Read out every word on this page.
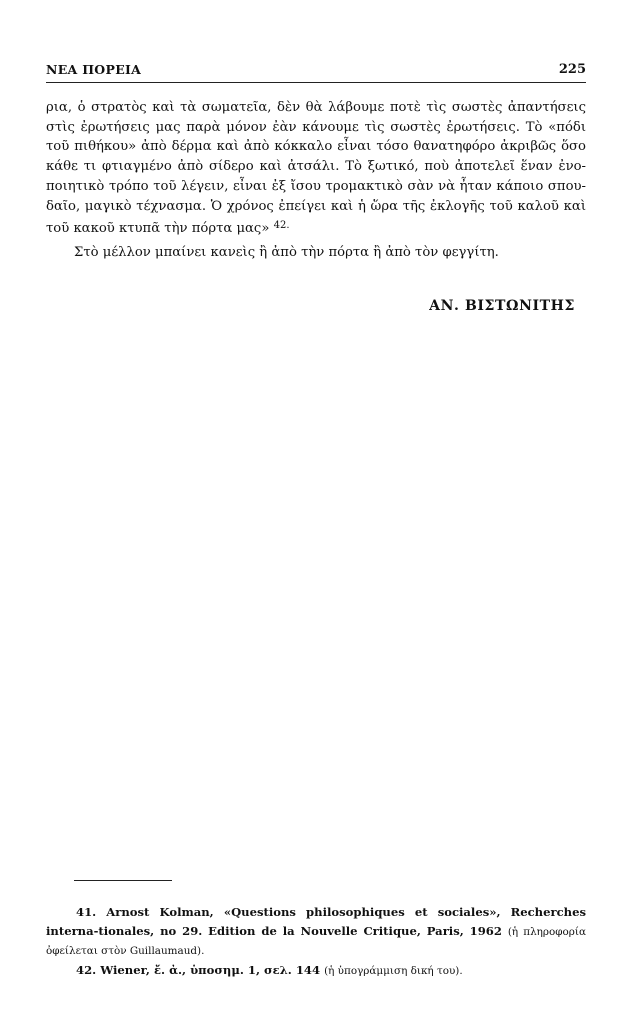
ΝΕΑ ΠΟΡΕΙΑ	225

ρια, ὁ στρατὸς καὶ τὰ σωματεῖα, δὲν θὰ λάβουμε ποτὲ τὶς σωστὲς ἀπαντήσεις στὶς ἐρωτήσεις μας παρὰ μόνον ἐὰν κάνουμε τὶς σωστὲς ἐρωτήσεις. Τὸ «πόδι τοῦ πιθήκου» ἀπὸ δέρμα καὶ ἀπὸ κόκκαλο εἶναι τόσο θανατηφόρο ἀκριβῶς ὅσο κάθε τι φτιαγμένο ἀπὸ σίδερο καὶ ἀτσάλι. Τὸ ξωτικό, ποὺ ἀποτελεῖ ἕναν ἐνο-ποιητικὸ τρόπο τοῦ λέγειν, εἶναι ἐξ ἴσου τρομακτικὸ σὰν νὰ ἦταν κάποιο σπου-δαῖο, μαγικὸ τέχνασμα. Ὁ χρόνος ἐπείγει καὶ ἡ ὥρα τῆς ἐκλογῆς τοῦ καλοῦ καὶ τοῦ κακοῦ κτυπᾶ τὴν πόρτα μας» $^{42.}$

Στὸ μέλλον μπαίνει κανεὶς ἢ ἀπὸ τὴν πόρτα ἢ ἀπὸ τὸν φεγγίτη.

ΑΝ. ΒΙΣΤΩΝΙΤΗΣ

41. Arnost Kolman, «Questions philosophiques et sociales», Recherches interna-tionales, no 29. Edition de la Nouvelle Critique, Paris, 1962 (ἡ πληροφορία ὀφείλεται στὸν Guillaumaud).

42. Wiener, ἔ. ἀ., ὑποσημ. 1, σελ. 144 (ἡ ὑπογράμμιση δική του).
